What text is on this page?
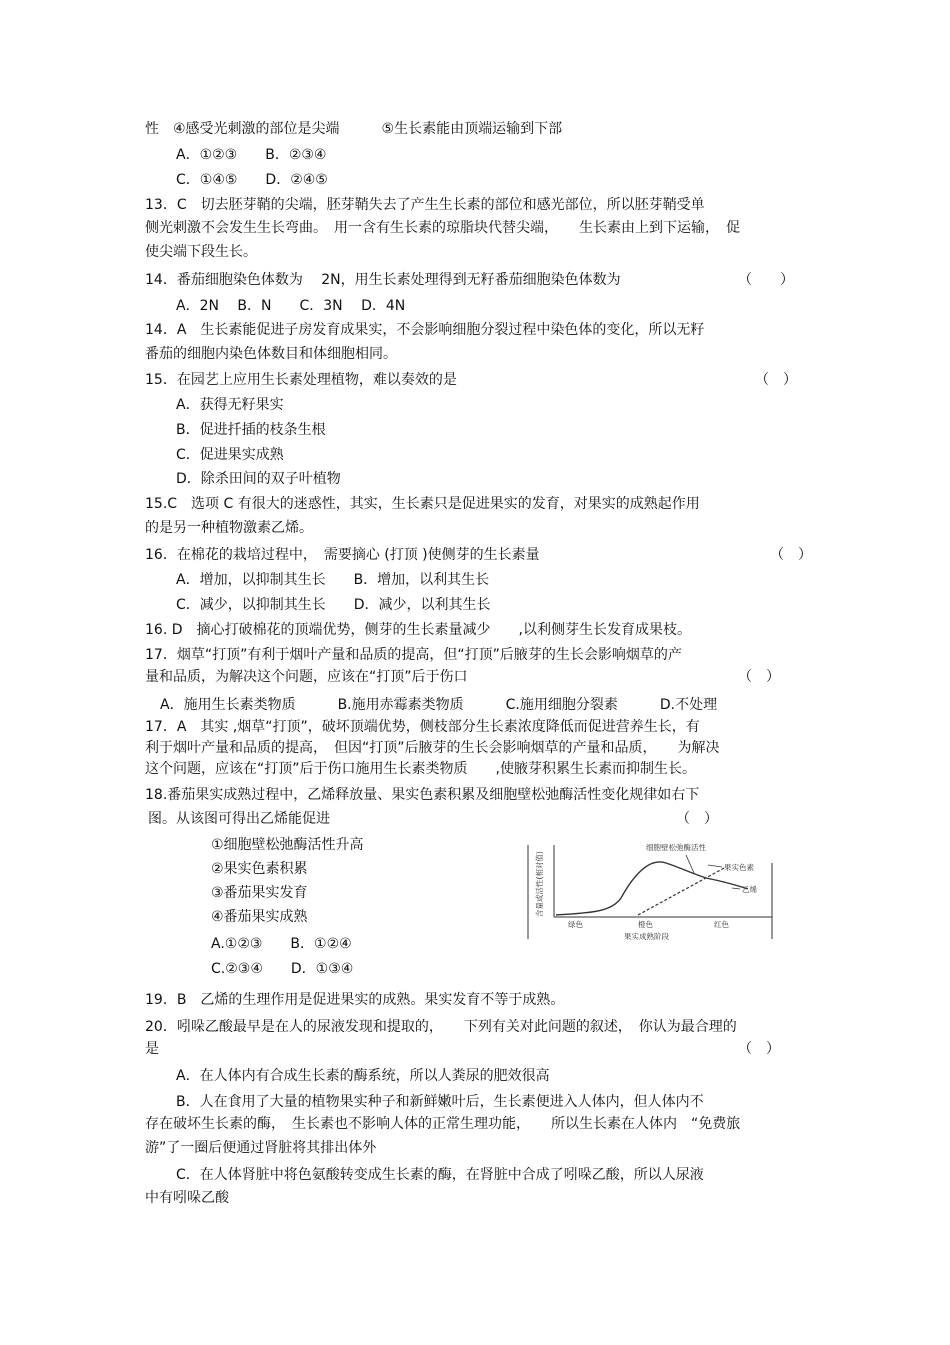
性　④感受光刺激的部位是尖端　　　⑤生长素能由顶端运输到下部
A．①②③　　B．②③④
C．①④⑤　　D．②④⑤
13．C　切去胚芽鞘的尖端，胚芽鞘失去了产生生长素的部位和感光部位，所以胚芽鞘受单
侧光刺激不会发生生长弯曲。　用一含有生长素的琼脂块代替尖端，　　生长素由上到下运输，　促
使尖端下段生长。
14．番茄细胞染色体数为　 2N，用生长素处理得到无籽番茄细胞染色体数为	（　　）
A．2N　 B．N　　C．3N　 D．4N
14．A　生长素能促进子房发育成果实，不会影响细胞分裂过程中染色体的变化，所以无籽
番茄的细胞内染色体数目和体细胞相同。
15．在园艺上应用生长素处理植物，难以奏效的是	（　）
A．获得无籽果实
B．促进扦插的枝条生根
C．促进果实成熟
D．除杀田间的双子叶植物
15.C　选项 C 有很大的迷惑性，其实，生长素只是促进果实的发育，对果实的成熟起作用
的是另一种植物激素乙烯。
16．在棉花的栽培过程中，　需要摘心 (打顶 )使侧芽的生长素量	（　）
A．增加，以抑制其生长　　B．增加，以利其生长
C．减少，以抑制其生长　　D．减少，以利其生长
16. D　摘心打破棉花的顶端优势，侧芽的生长素量减少　　,以利侧芽生长发育成果枝。
17．烟草“打顶”有利于烟叶产量和品质的提高，但“打顶”后腋芽的生长会影响烟草的产
量和品质，为解决这个问题，应该在“打顶”后于伤口	（　）
A．施用生长素类物质　　　B.施用赤霉素类物质　　　C.施用细胞分裂素　　　D.不处理
17．A　其实 ,烟草“打顶”，破坏顶端优势，侧枝部分生长素浓度降低而促进营养生长，有
利于烟叶产量和品质的提高，　但因“打顶”后腋芽的生长会影响烟草的产量和品质，　　为解决
这个问题，应该在“打顶”后于伤口施用生长素类物质　　,使腋芽积累生长素而抑制生长。
18.番茄果实成熟过程中，乙烯释放量、果实色素积累及细胞壁松弛酶活性变化规律如右下
图。从该图可得出乙烯能促进	（　）
①细胞壁松弛酶活性升高
②果实色素积累
③番茄果实发育
④番茄果实成熟
A.①②③　　B．①②④
C.②③④　　D．①③④
19．B　乙烯的生理作用是促进果实的成熟。果实发育不等于成熟。
20．吲哚乙酸最早是在人的尿液发现和提取的，　　下列有关对此问题的叙述，　你认为最合理的
是	（　）
A．在人体内有合成生长素的酶系统，所以人粪尿的肥效很高
B．人在食用了大量的植物果实种子和新鲜嫩叶后，生长素便进入人体内，但人体内不
存在破坏生长素的酶，　生长素也不影响人体的正常生理功能，　　所以生长素在人体内　“免费旅
游”了一圈后便通过肾脏将其排出体外
C．在人体肾脏中将色氨酸转变成生长素的酶，在肾脏中合成了吲哚乙酸，所以人尿液
中有吲哚乙酸
含量或活性(相对值)
细胞壁松弛酶活性
果实色素
乙烯
绿色	橙色	红色
果实成熟阶段
